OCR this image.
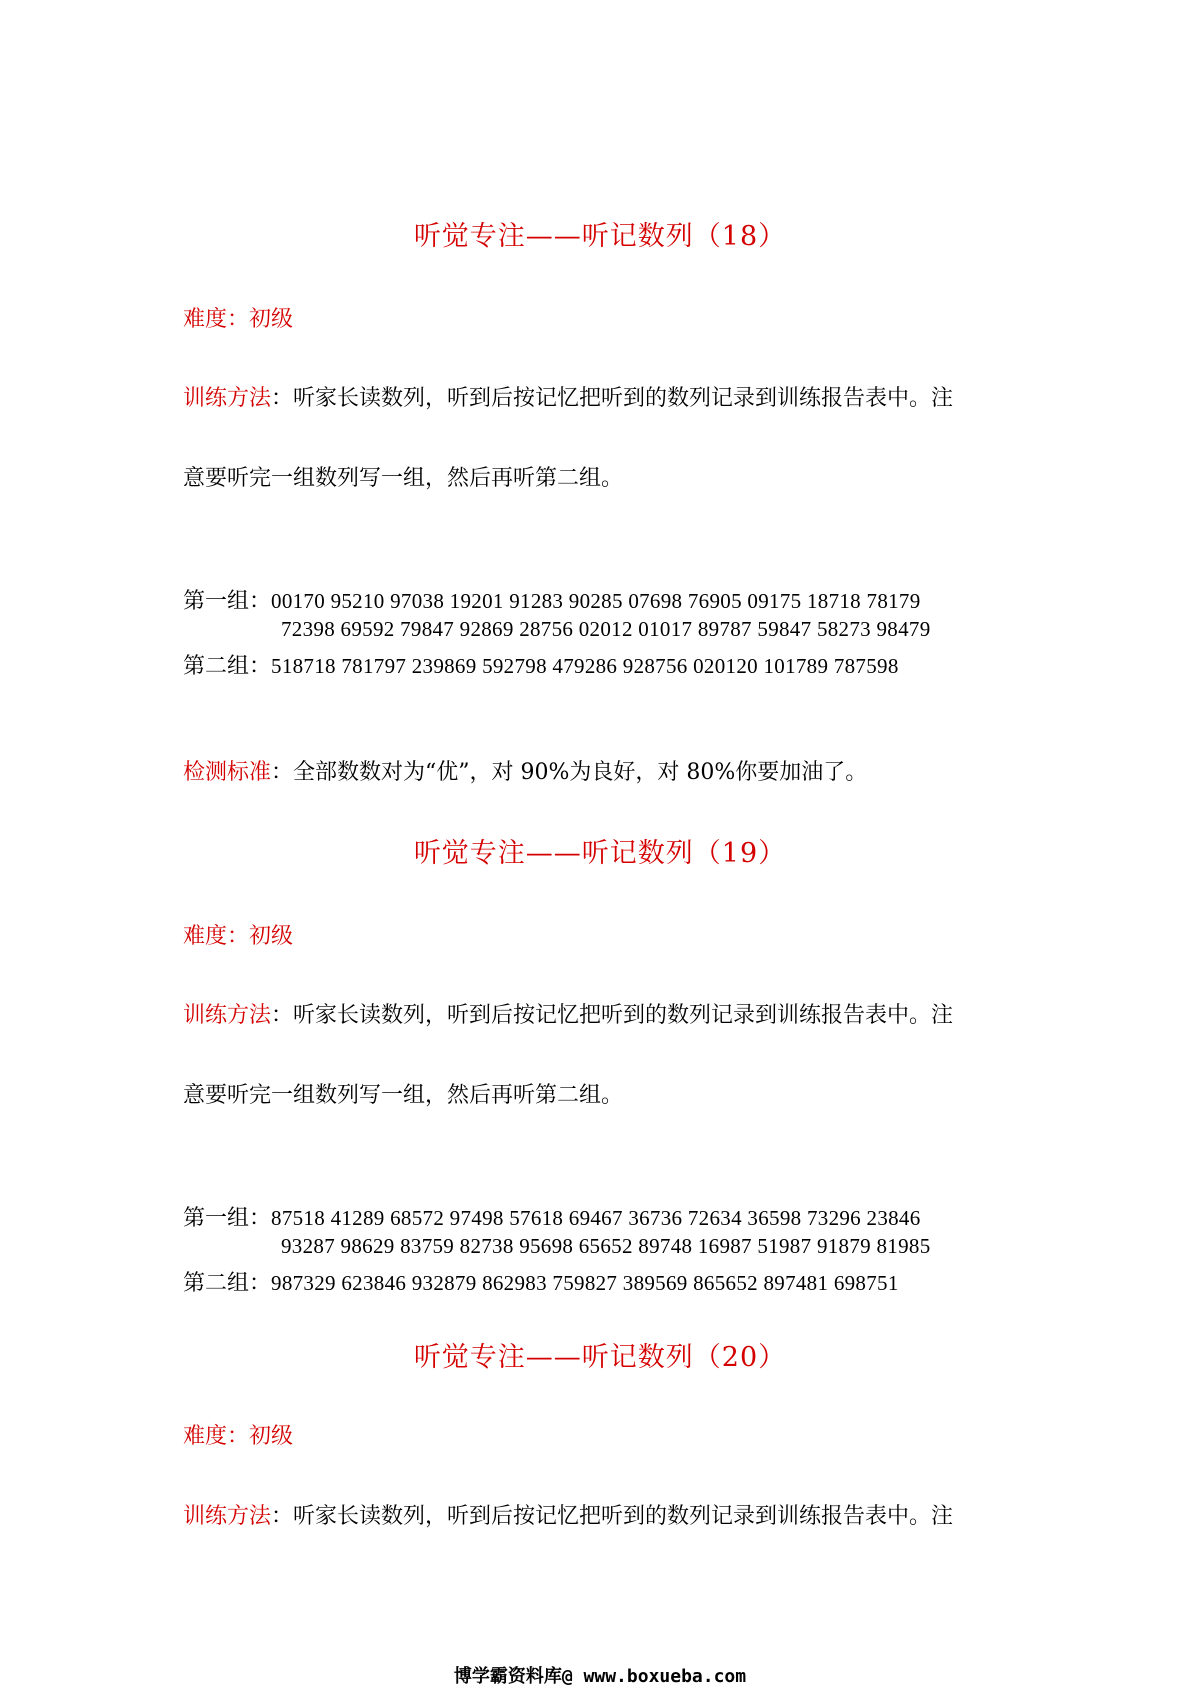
听觉专注——听记数列（18）
难度：初级
训练方法：听家长读数列，听到后按记忆把听到的数列记录到训练报告表中。注
意要听完一组数列写一组，然后再听第二组。
第一组：00170 95210 97038 19201 91283 90285 07698 76905 09175 18718 78179
72398 69592 79847 92869 28756 02012 01017 89787 59847 58273 98479
第二组：518718 781797 239869 592798 479286 928756 020120 101789 787598
检测标准：全部数数对为“优”，对 90%为良好，对 80%你要加油了。
听觉专注——听记数列（19）
难度：初级
训练方法：听家长读数列，听到后按记忆把听到的数列记录到训练报告表中。注
意要听完一组数列写一组，然后再听第二组。
第一组：87518 41289 68572 97498 57618 69467 36736 72634 36598 73296 23846
93287 98629 83759 82738 95698 65652 89748 16987 51987 91879 81985
第二组：987329 623846 932879 862983 759827 389569 865652 897481 698751
听觉专注——听记数列（20）
难度：初级
训练方法：听家长读数列，听到后按记忆把听到的数列记录到训练报告表中。注
博学霸资料库@ www.boxueba.com
